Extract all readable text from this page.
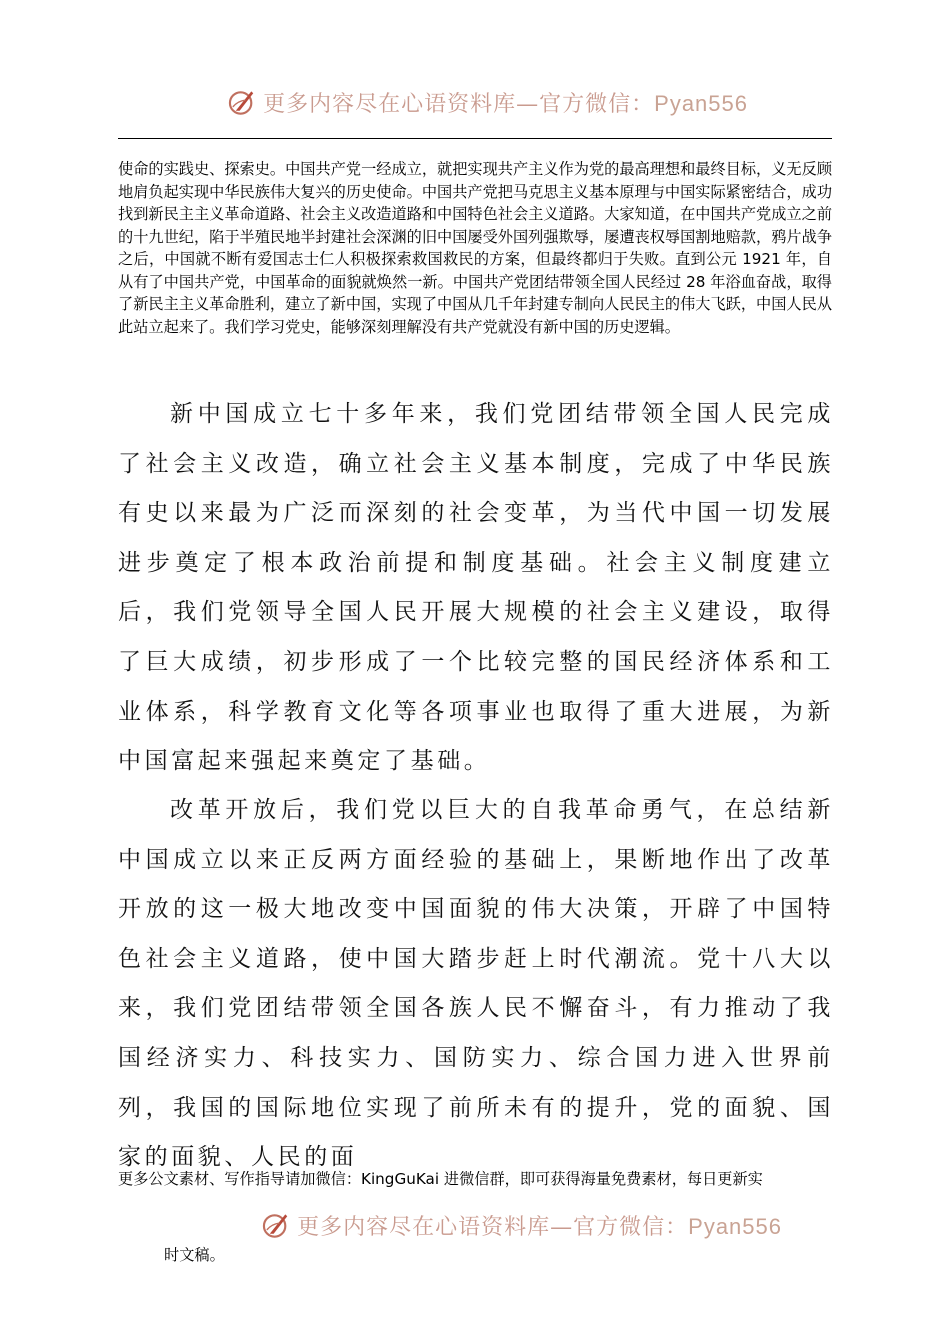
更多内容尽在心语资料库—官方微信：Pyan556

使命的实践史、探索史。中国共产党一经成立，就把实现共产主义作为党的最高理想和最终目标，义无反顾地肩负起实现中华民族伟大复兴的历史使命。中国共产党把马克思主义基本原理与中国实际紧密结合，成功找到新民主主义革命道路、社会主义改造道路和中国特色社会主义道路。大家知道，在中国共产党成立之前的十九世纪，陷于半殖民地半封建社会深渊的旧中国屡受外国列强欺辱，屡遭丧权辱国割地赔款，鸦片战争之后，中国就不断有爱国志士仁人积极探索救国救民的方案，但最终都归于失败。直到公元 1921 年，自从有了中国共产党，中国革命的面貌就焕然一新。中国共产党团结带领全国人民经过 28 年浴血奋战，取得了新民主主义革命胜利，建立了新中国，实现了中国从几千年封建专制向人民民主的伟大飞跃，中国人民从此站立起来了。我们学习党史，能够深刻理解没有共产党就没有新中国的历史逻辑。

新中国成立七十多年来，我们党团结带领全国人民完成了社会主义改造，确立社会主义基本制度，完成了中华民族有史以来最为广泛而深刻的社会变革，为当代中国一切发展进步奠定了根本政治前提和制度基础。社会主义制度建立后，我们党领导全国人民开展大规模的社会主义建设，取得了巨大成绩，初步形成了一个比较完整的国民经济体系和工业体系，科学教育文化等各项事业也取得了重大进展，为新中国富起来强起来奠定了基础。

改革开放后，我们党以巨大的自我革命勇气，在总结新中国成立以来正反两方面经验的基础上，果断地作出了改革开放的这一极大地改变中国面貌的伟大决策，开辟了中国特色社会主义道路，使中国大踏步赶上时代潮流。党十八大以来，我们党团结带领全国各族人民不懈奋斗，有力推动了我国经济实力、科技实力、国防实力、综合国力进入世界前列，我国的国际地位实现了前所未有的提升，党的面貌、国家的面貌、人民的面

更多公文素材、写作指导请加微信：KingGuKai 进微信群，即可获得海量免费素材，每日更新实

更多内容尽在心语资料库—官方微信：Pyan556

时文稿。
